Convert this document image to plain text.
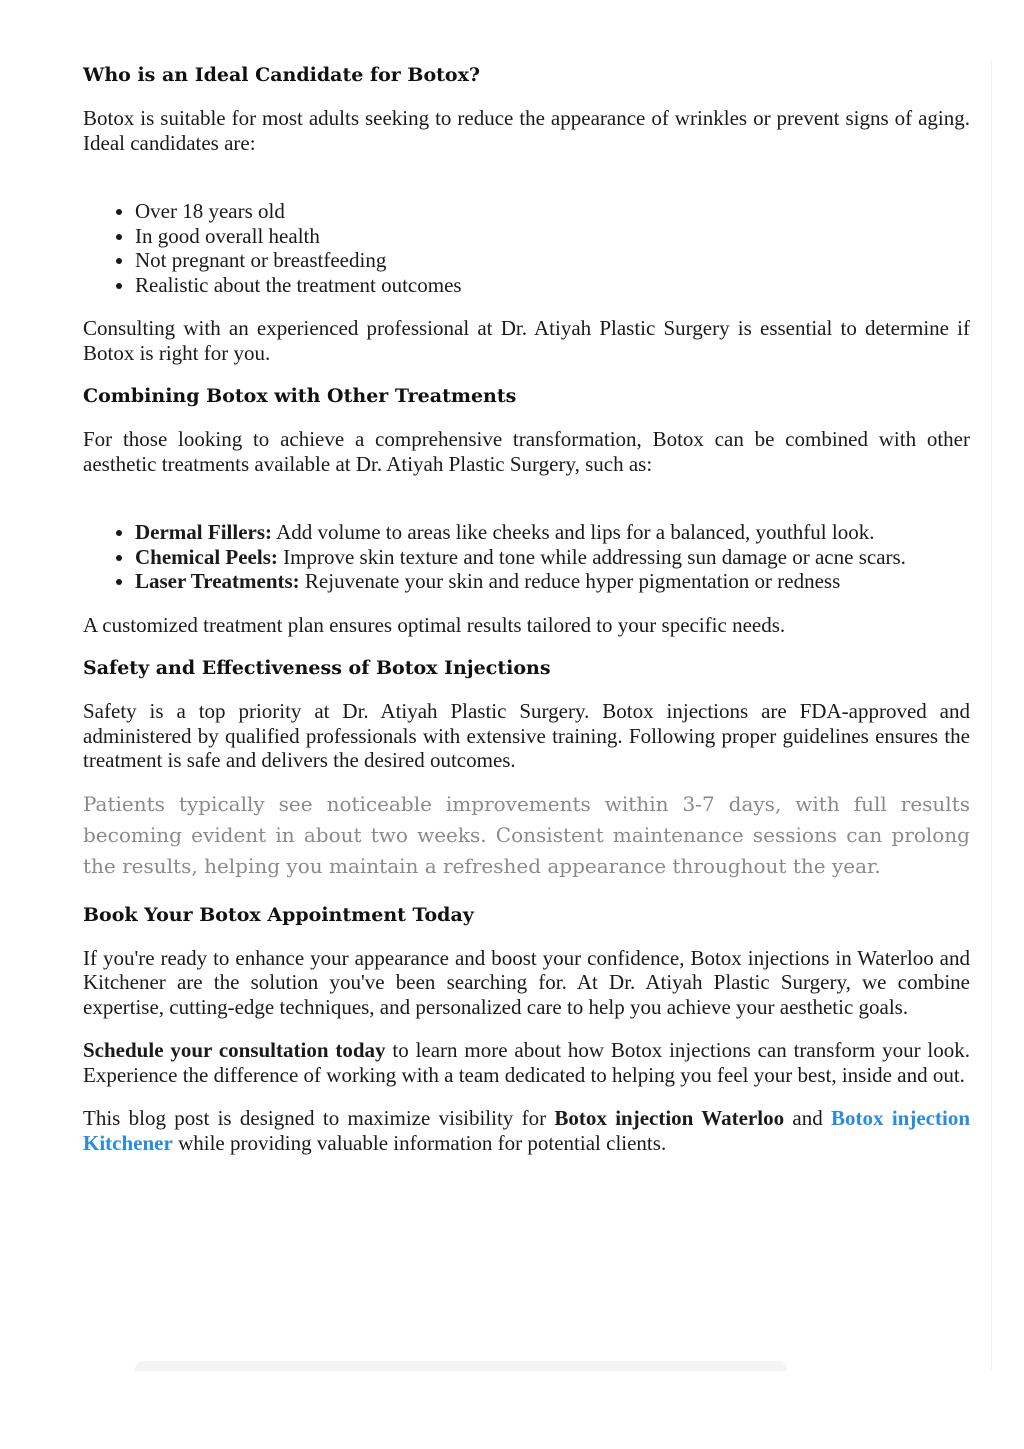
Who is an Ideal Candidate for Botox?

Botox is suitable for most adults seeking to reduce the appearance of wrinkles or prevent signs of aging. Ideal candidates are:

Over 18 years old
In good overall health
Not pregnant or breastfeeding
Realistic about the treatment outcomes

Consulting with an experienced professional at Dr. Atiyah Plastic Surgery is essential to determine if Botox is right for you.

Combining Botox with Other Treatments

For those looking to achieve a comprehensive transformation, Botox can be combined with other aesthetic treatments available at Dr. Atiyah Plastic Surgery, such as:

Dermal Fillers: Add volume to areas like cheeks and lips for a balanced, youthful look.
Chemical Peels: Improve skin texture and tone while addressing sun damage or acne scars.
Laser Treatments: Rejuvenate your skin and reduce hyper pigmentation or redness

A customized treatment plan ensures optimal results tailored to your specific needs.

Safety and Effectiveness of Botox Injections

Safety is a top priority at Dr. Atiyah Plastic Surgery. Botox injections are FDA-approved and administered by qualified professionals with extensive training. Following proper guidelines ensures the treatment is safe and delivers the desired outcomes.

Patients typically see noticeable improvements within 3-7 days, with full results becoming evident in about two weeks. Consistent maintenance sessions can prolong the results, helping you maintain a refreshed appearance throughout the year.

Book Your Botox Appointment Today

If you're ready to enhance your appearance and boost your confidence, Botox injections in Waterloo and Kitchener are the solution you've been searching for. At Dr. Atiyah Plastic Surgery, we combine expertise, cutting-edge techniques, and personalized care to help you achieve your aesthetic goals.

Schedule your consultation today to learn more about how Botox injections can transform your look. Experience the difference of working with a team dedicated to helping you feel your best, inside and out.

This blog post is designed to maximize visibility for Botox injection Waterloo and Botox injection Kitchener while providing valuable information for potential clients.
